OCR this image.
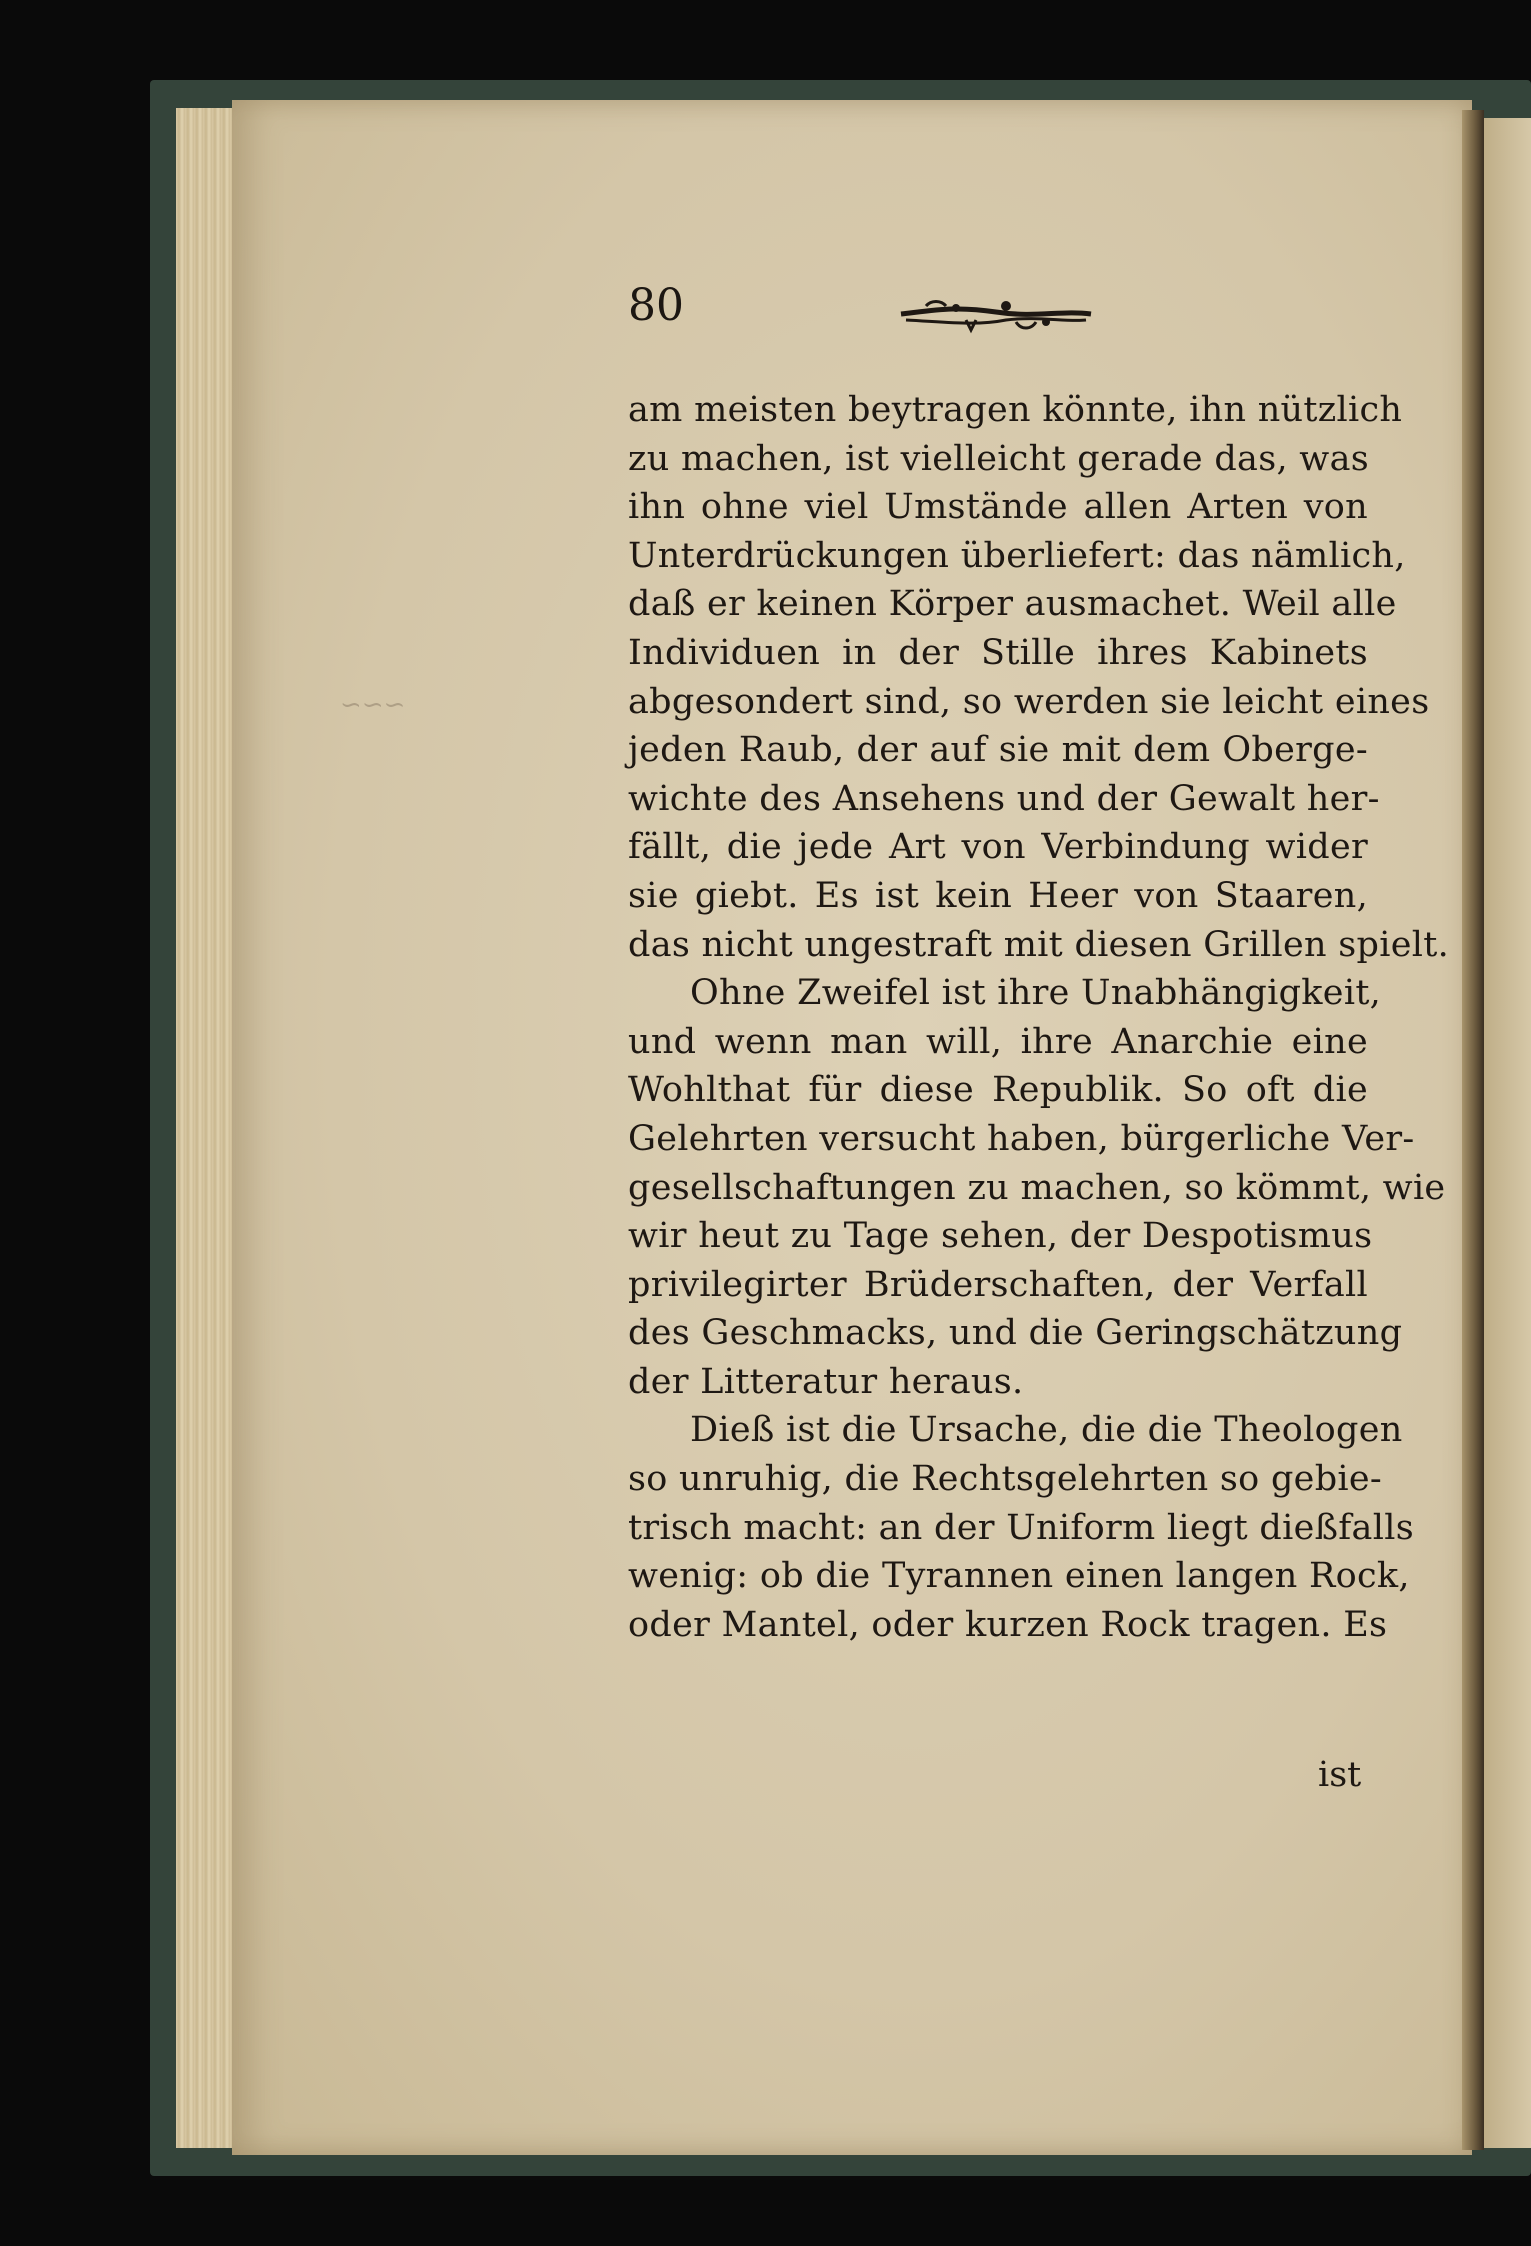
~~~
80
am meisten beytragen könnte, ihn nützlich
zu machen, ist vielleicht gerade das, was
ihn ohne viel Umstände allen Arten von
Unterdrückungen überliefert: das nämlich,
daß er keinen Körper ausmachet. Weil alle
Individuen in der Stille ihres Kabinets
abgesondert sind, so werden sie leicht eines
jeden Raub, der auf sie mit dem Oberge-
wichte des Ansehens und der Gewalt her-
fällt, die jede Art von Verbindung wider
sie giebt. Es ist kein Heer von Staaren,
das nicht ungestraft mit diesen Grillen spielt.
Ohne Zweifel ist ihre Unabhängigkeit,
und wenn man will, ihre Anarchie eine
Wohlthat für diese Republik. So oft die
Gelehrten versucht haben, bürgerliche Ver-
gesellschaftungen zu machen, so kömmt, wie
wir heut zu Tage sehen, der Despotismus
privilegirter Brüderschaften, der Verfall
des Geschmacks, und die Geringschätzung
der Litteratur heraus.
Dieß ist die Ursache, die die Theologen
so unruhig, die Rechtsgelehrten so gebie-
trisch macht: an der Uniform liegt dießfalls
wenig: ob die Tyrannen einen langen Rock,
oder Mantel, oder kurzen Rock tragen. Es
ist
